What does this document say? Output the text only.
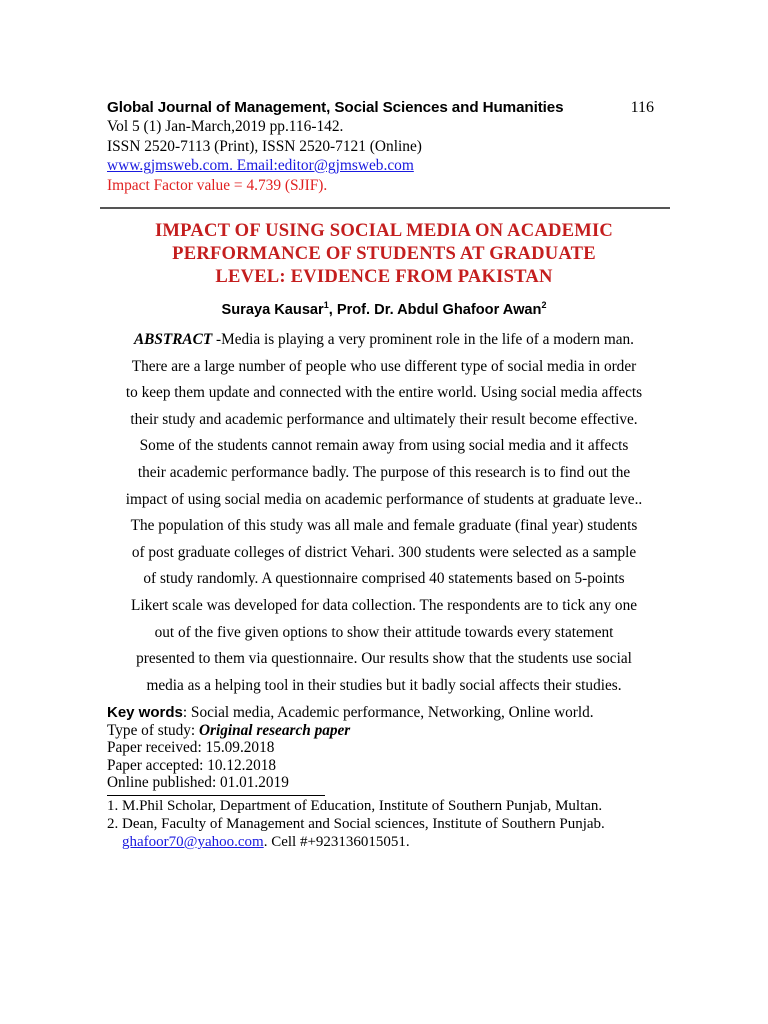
Global Journal of Management, Social Sciences and Humanities	116
Vol 5 (1) Jan-March,2019 pp.116-142.
ISSN 2520-7113 (Print), ISSN 2520-7121 (Online)
www.gjmsweb.com. Email:editor@gjmsweb.com
Impact Factor value = 4.739 (SJIF).
IMPACT OF USING SOCIAL MEDIA ON ACADEMIC
PERFORMANCE OF STUDENTS AT GRADUATE
LEVEL: EVIDENCE FROM PAKISTAN
Suraya Kausar$^1$, Prof. Dr. Abdul Ghafoor Awan$^2$
ABSTRACT -Media is playing a very prominent role in the life of a modern man.
There are a large number of people who use different type of social media in order
to keep them update and connected with the entire world. Using social media affects
their study and academic performance and ultimately their result become effective.
Some of the students cannot remain away from using social media and it affects
their academic performance badly. The purpose of this research is to find out the
impact of using social media on academic performance of students at graduate leve..
The population of this study was all male and female graduate (final year) students
of post graduate colleges of district Vehari. 300 students were selected as a sample
of study randomly. A questionnaire comprised 40 statements based on 5-points
Likert scale was developed for data collection. The respondents are to tick any one
out of the five given options to show their attitude towards every statement
presented to them via questionnaire. Our results show that the students use social
media as a helping tool in their studies but it badly social affects their studies.
Key words: Social media, Academic performance, Networking, Online world.
Type of study: Original research paper
Paper received: 15.09.2018
Paper accepted: 10.12.2018
Online published: 01.01.2019
1. M.Phil Scholar, Department of Education, Institute of Southern Punjab, Multan.
2. Dean, Faculty of Management and Social sciences, Institute of Southern Punjab.
ghafoor70@yahoo.com. Cell #+923136015051.
